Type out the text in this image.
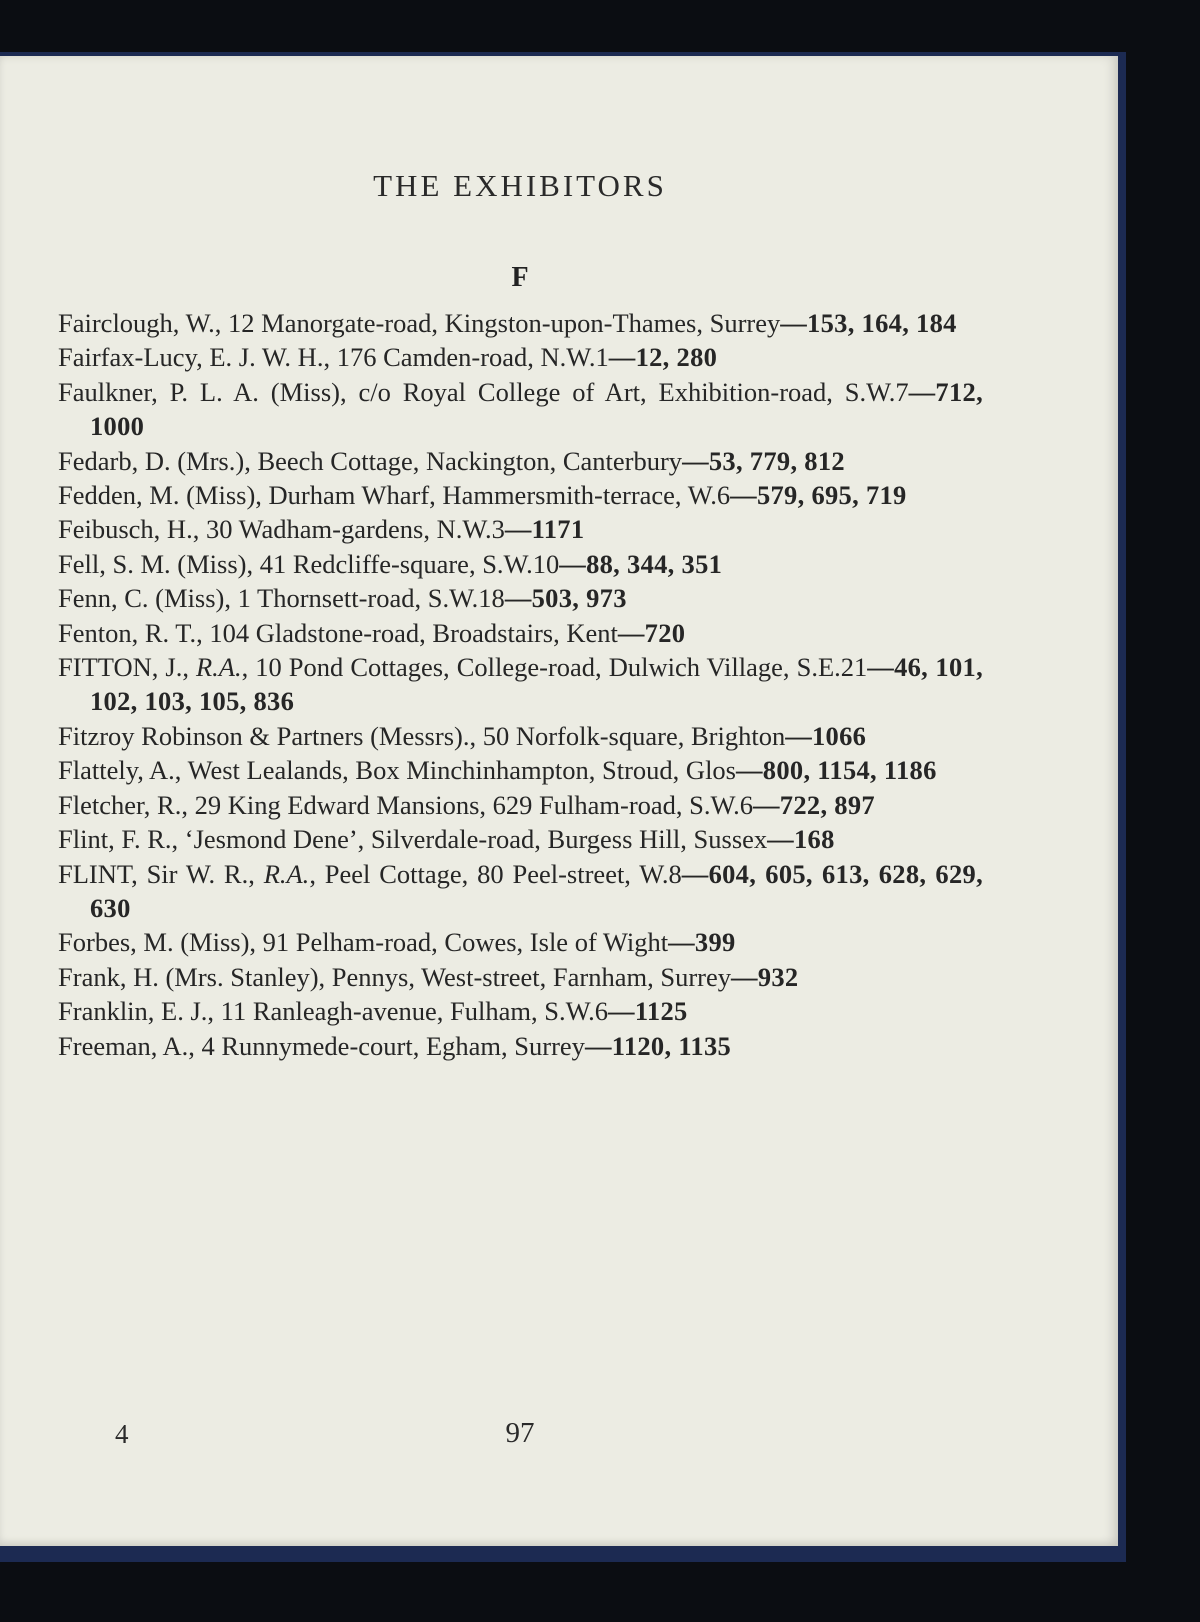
THE EXHIBITORS
F
Fairclough, W., 12 Manorgate-road, Kingston-upon-Thames, Surrey—153, 164, 184
Fairfax-Lucy, E. J. W. H., 176 Camden-road, N.W.1—12, 280
Faulkner, P. L. A. (Miss), c/o Royal College of Art, Exhibition-road, S.W.7—712, 1000
Fedarb, D. (Mrs.), Beech Cottage, Nackington, Canterbury—53, 779, 812
Fedden, M. (Miss), Durham Wharf, Hammersmith-terrace, W.6—579, 695, 719
Feibusch, H., 30 Wadham-gardens, N.W.3—1171
Fell, S. M. (Miss), 41 Redcliffe-square, S.W.10—88, 344, 351
Fenn, C. (Miss), 1 Thornsett-road, S.W.18—503, 973
Fenton, R. T., 104 Gladstone-road, Broadstairs, Kent—720
FITTON, J., R.A., 10 Pond Cottages, College-road, Dulwich Village, S.E.21—46, 101, 102, 103, 105, 836
Fitzroy Robinson & Partners (Messrs)., 50 Norfolk-square, Brighton—1066
Flattely, A., West Lealands, Box Minchinhampton, Stroud, Glos—800, 1154, 1186
Fletcher, R., 29 King Edward Mansions, 629 Fulham-road, S.W.6—722, 897
Flint, F. R., ‘Jesmond Dene’, Silverdale-road, Burgess Hill, Sussex—168
FLINT, Sir W. R., R.A., Peel Cottage, 80 Peel-street, W.8—604, 605, 613, 628, 629, 630
Forbes, M. (Miss), 91 Pelham-road, Cowes, Isle of Wight—399
Frank, H. (Mrs. Stanley), Pennys, West-street, Farnham, Surrey—932
Franklin, E. J., 11 Ranleagh-avenue, Fulham, S.W.6—1125
Freeman, A., 4 Runnymede-court, Egham, Surrey—1120, 1135
4	97
